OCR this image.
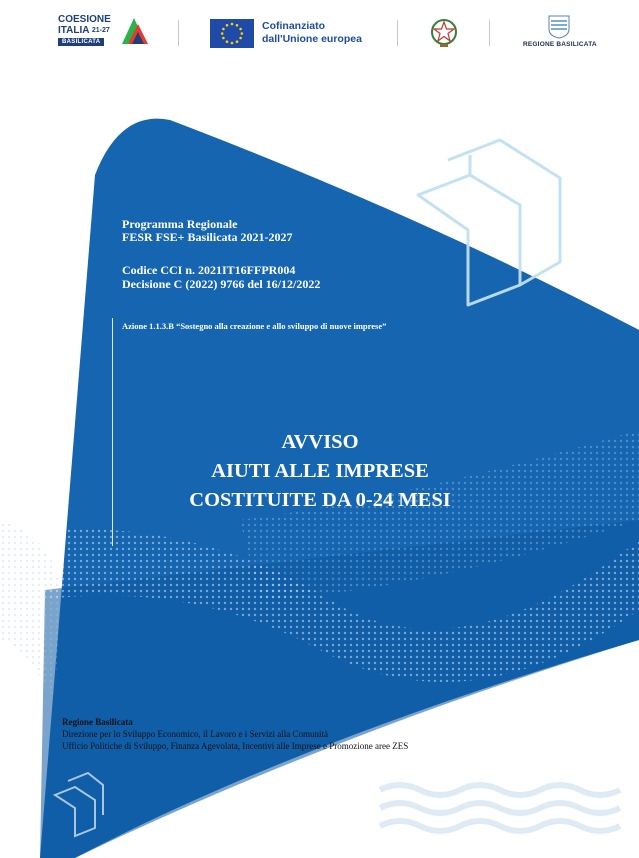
COESIONE
ITALIA $^{21-27}$
BASILICATA
Cofinanziato
dall'Unione europea	REGIONE BASILICATA
Programma Regionale
FESR FSE+ Basilicata 2021-2027
Codice CCI n. 2021IT16FFPR004
Decisione C (2022) 9766 del 16/12/2022
Azione 1.1.3.B “Sostegno alla creazione e allo sviluppo di nuove imprese”
AVVISO
AIUTI ALLE IMPRESE
COSTITUITE DA 0-24 MESI
Regione Basilicata
Direzione per lo Sviluppo Economico, il Lavoro e i Servizi alla Comunità
Ufficio Politiche di Sviluppo, Finanza Agevolata, Incentivi alle Imprese e Promozione aree ZES
